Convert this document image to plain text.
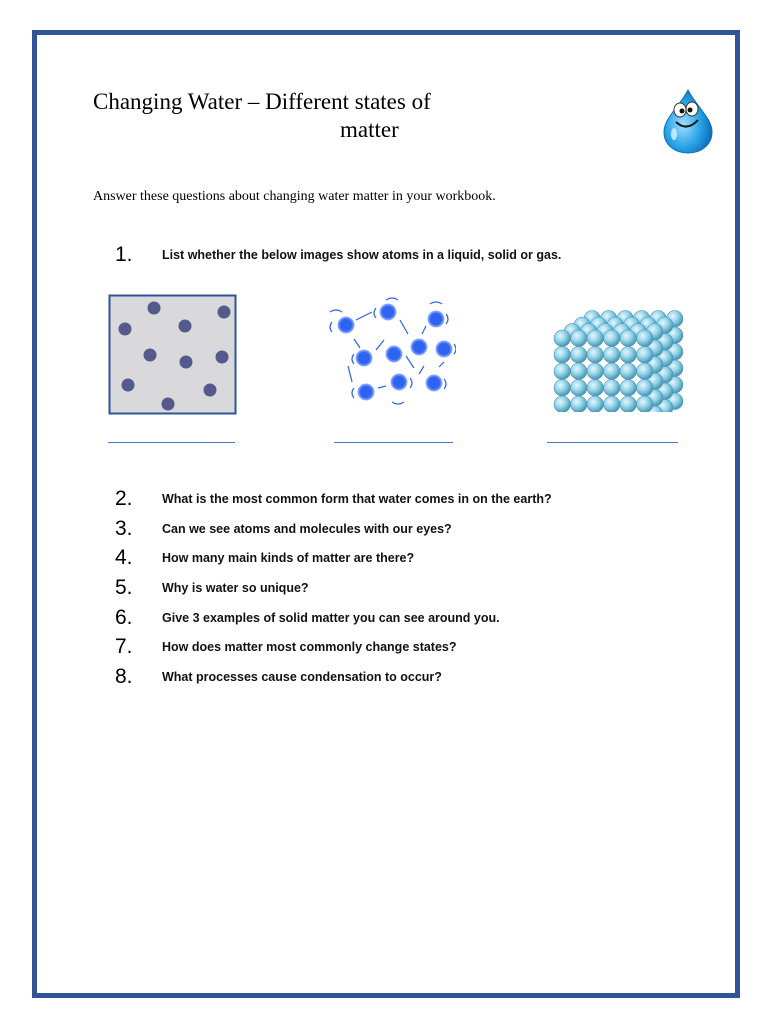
Changing Water – Different states of
matter
Answer these questions about changing water matter in your workbook.
1.	List whether the below images show atoms in a liquid, solid or gas.
2.	What is the most common form that water comes in on the earth?
3.	Can we see atoms and molecules with our eyes?
4.	How many main kinds of matter are there?
5.	Why is water so unique?
6.	Give 3 examples of solid matter you can see around you.
7.	How does matter most commonly change states?
8.	What processes cause condensation to occur?
